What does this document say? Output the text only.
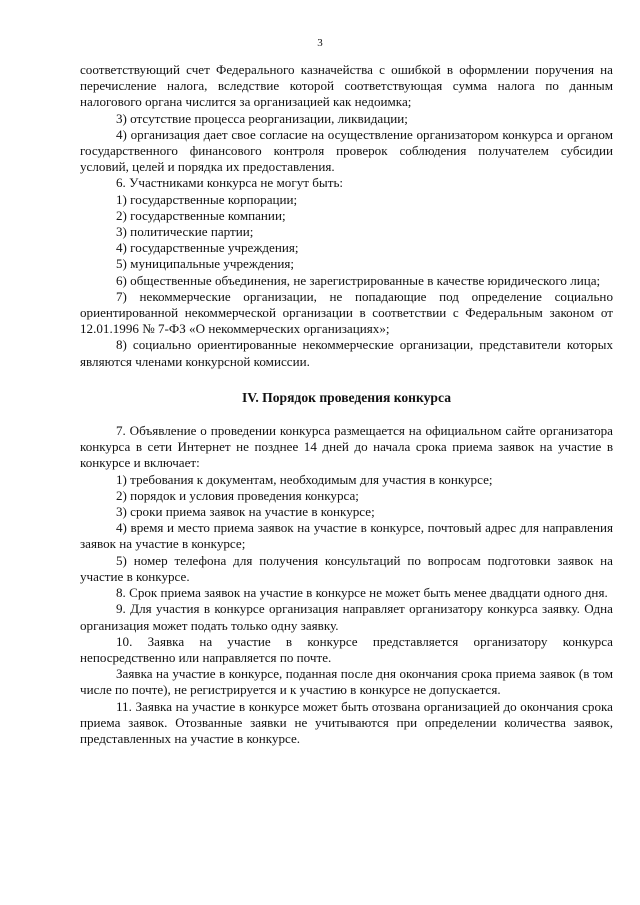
3

соответствующий счет Федерального казначейства с ошибкой в оформлении поручения на перечисление налога, вследствие которой соответствующая сумма налога по данным налогового органа числится за организацией как недоимка;

3) отсутствие процесса реорганизации, ликвидации;

4) организация дает свое согласие на осуществление организатором конкурса и органом государственного финансового контроля проверок соблюдения получателем субсидии условий, целей и порядка их предоставления.

6. Участниками конкурса не могут быть:

1) государственные корпорации;

2) государственные компании;

3) политические партии;

4) государственные учреждения;

5) муниципальные учреждения;

6) общественные объединения, не зарегистрированные в качестве юридического лица;

7) некоммерческие организации, не попадающие под определение социально ориентированной некоммерческой организации в соответствии с Федеральным законом от 12.01.1996 № 7-ФЗ «О некоммерческих организациях»;

8) социально ориентированные некоммерческие организации, представители которых являются членами конкурсной комиссии.

IV. Порядок проведения конкурса

7. Объявление о проведении конкурса размещается на официальном сайте организатора конкурса в сети Интернет не позднее 14 дней до начала срока приема заявок на участие в конкурсе и включает:

1) требования к документам, необходимым для участия в конкурсе;

2) порядок и условия проведения конкурса;

3) сроки приема заявок на участие в конкурсе;

4) время и место приема заявок на участие в конкурсе, почтовый адрес для направления заявок на участие в конкурсе;

5) номер телефона для получения консультаций по вопросам подготовки заявок на участие в конкурсе.

8. Срок приема заявок на участие в конкурсе не может быть менее двадцати одного дня.

9. Для участия в конкурсе организация направляет организатору конкурса заявку. Одна организация может подать только одну заявку.

10. Заявка на участие в конкурсе представляется организатору конкурса непосредственно или направляется по почте.

Заявка на участие в конкурсе, поданная после дня окончания срока приема заявок (в том числе по почте), не регистрируется и к участию в конкурсе не допускается.

11. Заявка на участие в конкурсе может быть отозвана организацией до окончания срока приема заявок. Отозванные заявки не учитываются при определении количества заявок, представленных на участие в конкурсе.
